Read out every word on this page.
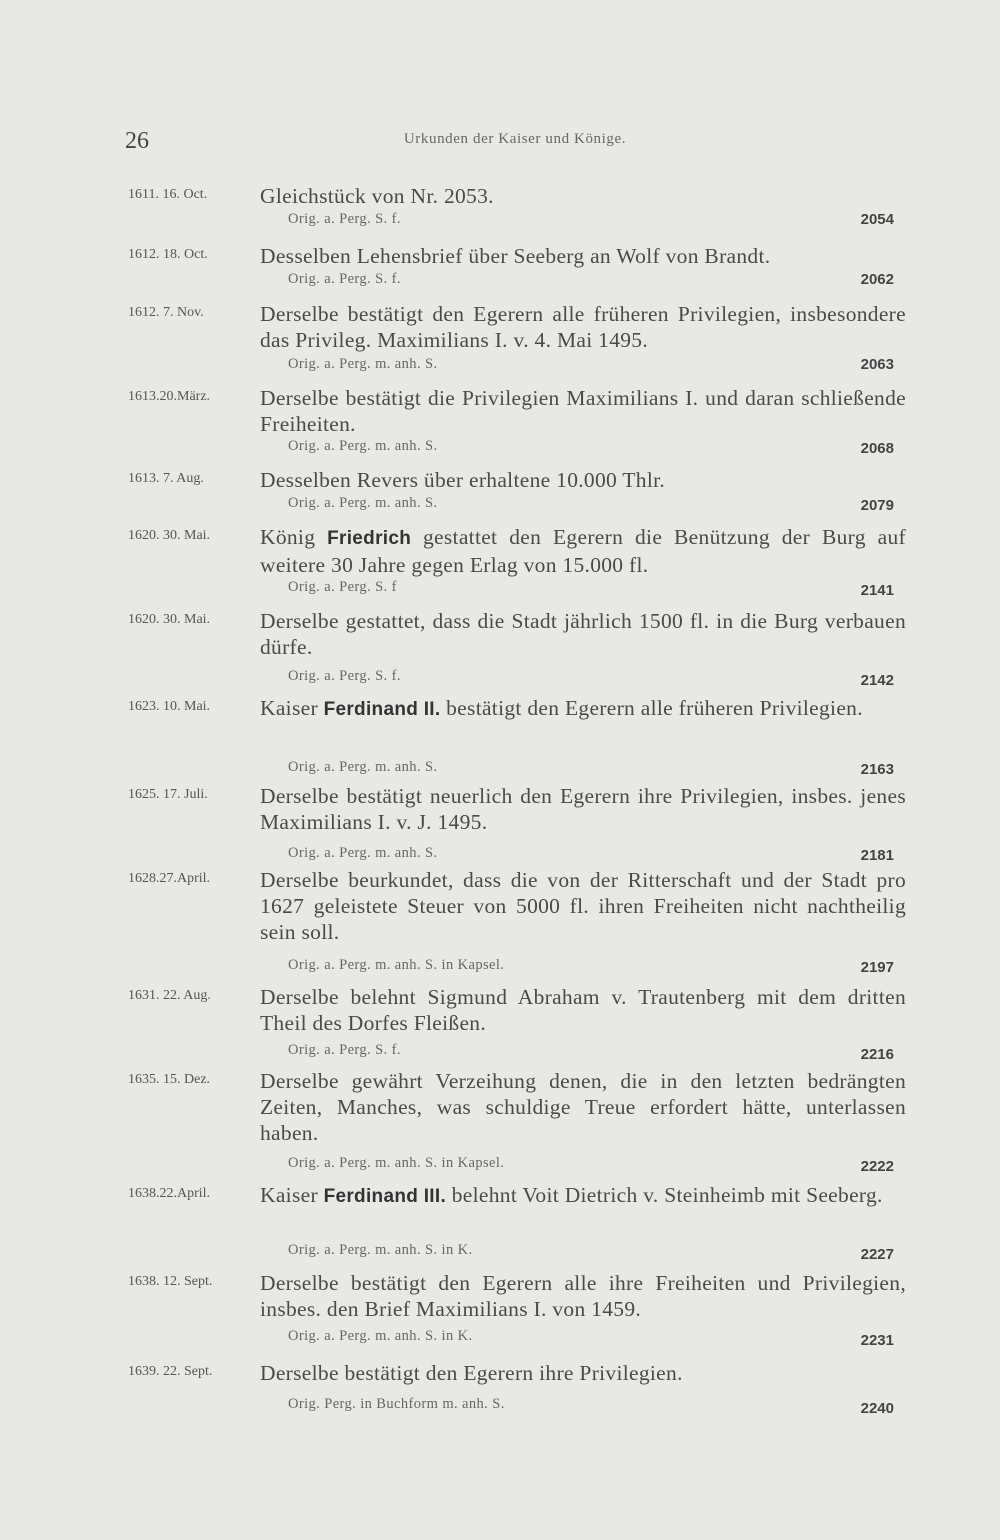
26	Urkunden der Kaiser und Könige.
1611. 16. Oct.	Gleichstück von Nr. 2053.
Orig. a. Perg. S. f.	2054
1612. 18. Oct.	Desselben Lehensbrief über Seeberg an Wolf von Brandt.
Orig. a. Perg. S. f.	2062
1612. 7. Nov.	Derselbe bestätigt den Egerern alle früheren Privilegien, insbesondere das Privileg. Maximilians I. v. 4. Mai 1495.
Orig. a. Perg. m. anh. S.	2063
1613.20.März.	Derselbe bestätigt die Privilegien Maximilians I. und daran schließende Freiheiten.
Orig. a. Perg. m. anh. S.	2068
1613. 7. Aug.	Desselben Revers über erhaltene 10.000 Thlr.
Orig. a. Perg. m. anh. S.	2079
1620. 30. Mai.	König Friedrich gestattet den Egerern die Benützung der Burg auf weitere 30 Jahre gegen Erlag von 15.000 fl.
Orig. a. Perg. S. f	2141
1620. 30. Mai.	Derselbe gestattet, dass die Stadt jährlich 1500 fl. in die Burg verbauen dürfe.
Orig. a. Perg. S. f.	2142
1623. 10. Mai.	Kaiser Ferdinand II. bestätigt den Egerern alle früheren Privilegien.
Orig. a. Perg. m. anh. S.	2163
1625. 17. Juli.	Derselbe bestätigt neuerlich den Egerern ihre Privilegien, insbes. jenes Maximilians I. v. J. 1495.
Orig. a. Perg. m. anh. S.	2181
1628.27.April.	Derselbe beurkundet, dass die von der Ritterschaft und der Stadt pro 1627 geleistete Steuer von 5000 fl. ihren Freiheiten nicht nachtheilig sein soll.
Orig. a. Perg. m. anh. S. in Kapsel.	2197
1631. 22. Aug.	Derselbe belehnt Sigmund Abraham v. Trautenberg mit dem dritten Theil des Dorfes Fleißen.
Orig. a. Perg. S. f.	2216
1635. 15. Dez.	Derselbe gewährt Verzeihung denen, die in den letzten bedrängten Zeiten, Manches, was schuldige Treue erfordert hätte, unterlassen haben.
Orig. a. Perg. m. anh. S. in Kapsel.	2222
1638.22.April.	Kaiser Ferdinand III. belehnt Voit Dietrich v. Steinheimb mit Seeberg.
Orig. a. Perg. m. anh. S. in K.	2227
1638. 12. Sept.	Derselbe bestätigt den Egerern alle ihre Freiheiten und Privilegien, insbes. den Brief Maximilians I. von 1459.
Orig. a. Perg. m. anh. S. in K.	2231
1639. 22. Sept.	Derselbe bestätigt den Egerern ihre Privilegien.
Orig. Perg. in Buchform m. anh. S.	2240
